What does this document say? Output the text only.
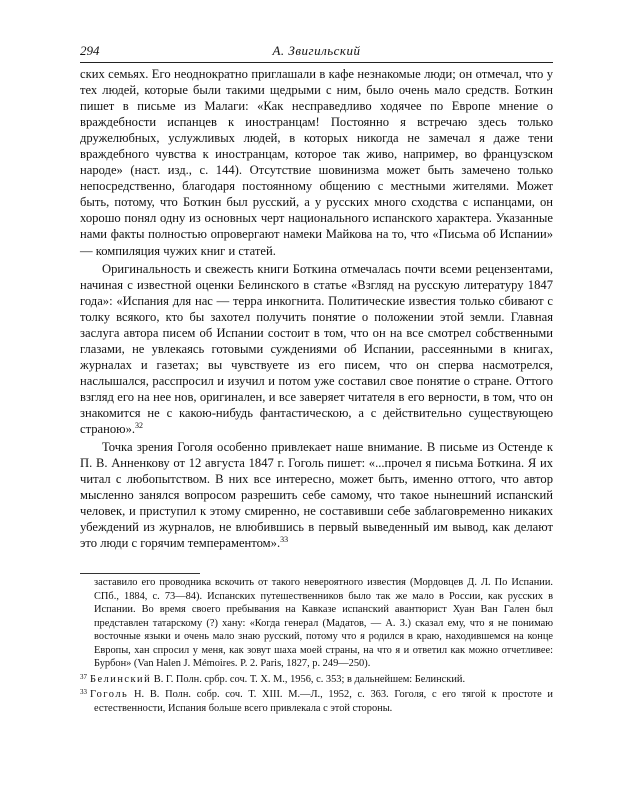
294	А. Звигильский

ских семьях. Его неоднократно приглашали в кафе незнакомые люди; он отмечал, что у тех людей, которые были такими щедрыми с ним, было очень мало средств. Боткин пишет в письме из Малаги: «Как несправедливо ходячее по Европе мнение о враждебности испанцев к иностранцам! Постоянно я встречаю здесь только дружелюбных, услужливых людей, в которых никогда не замечал я даже тени враждебного чувства к иностранцам, которое так живо, например, во французском народе» (наст. изд., с. 144). Отсутствие шовинизма может быть замечено только непосредственно, благодаря постоянному общению с местными жителями. Может быть, потому, что Боткин был русский, а у русских много сходства с испанцами, он хорошо понял одну из основных черт национального испанского характера. Указанные нами факты полностью опровергают намеки Майкова на то, что «Письма об Испании» — компиляция чужих книг и статей.

Оригинальность и свежесть книги Боткина отмечалась почти всеми рецензентами, начиная с известной оценки Белинского в статье «Взгляд на русскую литературу 1847 года»: «Испания для нас — терра инкогнита. Политические известия только сбивают с толку всякого, кто бы захотел получить понятие о положении этой земли. Главная заслуга автора писем об Испании состоит в том, что он на все смотрел собственными глазами, не увлекаясь готовыми суждениями об Испании, рассеянными в книгах, журналах и газетах; вы чувствуете из его писем, что он сперва насмотрелся, наслышался, расспросил и изучил и потом уже составил свое понятие о стране. Оттого взгляд его на нее нов, оригинален, и все заверяет читателя в его верности, в том, что он знакомится не с какою-нибудь фантастическою, а с действительно существующею страною».$^{32}$

Точка зрения Гоголя особенно привлекает наше внимание. В письме из Остенде к П. В. Анненкову от 12 августа 1847 г. Гоголь пишет: «...прочел я письма Боткина. Я их читал с любопытством. В них все интересно, может быть, именно оттого, что автор мысленно занялся вопросом разрешить себе самому, что такое нынешний испанский человек, и приступил к этому смиренно, не составивши себе заблаговременно никаких убеждений из журналов, не влюбившись в первый выведенный им вывод, как делают это люди с горячим темпераментом».$^{33}$

заставило его проводника вскочить от такого невероятного известия (Мордовцев Д. Л. По Испании. СПб., 1884, с. 73—84). Испанских путешественников было так же мало в России, как русских в Испании. Во время своего пребывания на Кавказе испанский авантюрист Хуан Ван Гален был представлен татарскому (?) хану: «Когда генерал (Мадатов, — А. З.) сказал ему, что я не понимаю восточные языки и очень мало знаю русский, потому что я родился в краю, находившемся на конце Европы, хан спросил у меня, как зовут шаха моей страны, на что я и ответил как можно отчетливее: Бурбон» (Van Halen J. Mémoires. P. 2. Paris, 1827, p. 249—250).

$^{37}$ Белинский В. Г. Полн. србр. соч. Т. Х. М., 1956, с. 353; в дальнейшем: Белинский.

$^{33}$ Гоголь Н. В. Полн. собр. соч. Т. XIII. М.—Л., 1952, с. 363. Гоголя, с его тягой к простоте и естественности, Испания больше всего привлекала с этой стороны.
